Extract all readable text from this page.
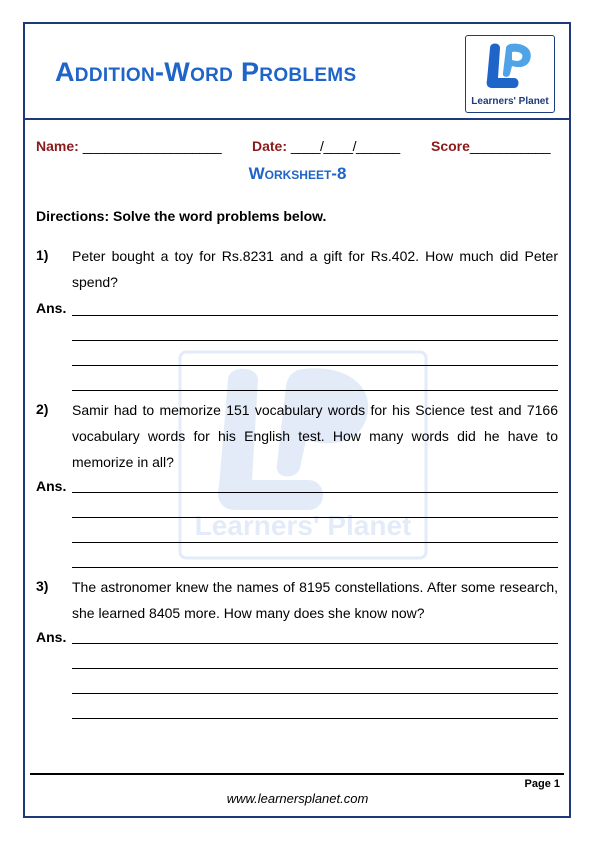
Addition-Word Problems
Learners' Planet
Name: ___________________ Date: ____/____/______ Score___________
Worksheet-8
Directions: Solve the word problems below.
Learners' Planet
1) Peter bought a toy for Rs.8231 and a gift for Rs.402. How much did Peter spend?
Ans.
2) Samir had to memorize 151 vocabulary words for his Science test and 7166 vocabulary words for his English test. How many words did he have to memorize in all?
Ans.
3) The astronomer knew the names of 8195 constellations. After some research, she learned 8405 more. How many does she know now?
Ans.
Page 1
www.learnersplanet.com
